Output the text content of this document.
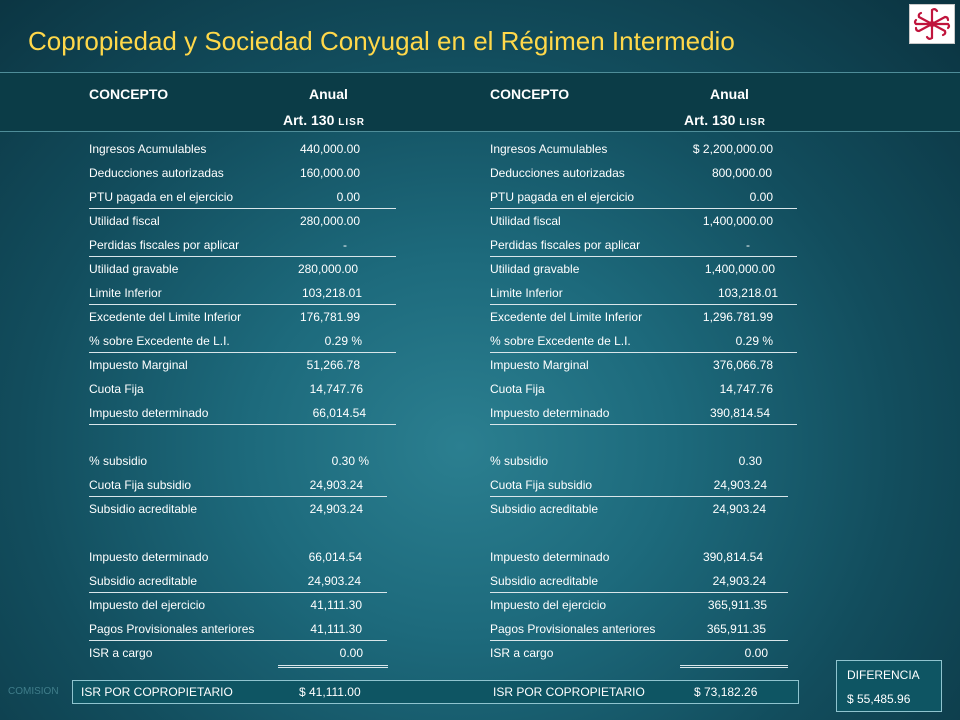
Copropiedad y Sociedad Conyugal en el Régimen Intermedio
CONCEPTO	Anual
Art. 130 LISR
CONCEPTO	Anual
Art. 130 LISR
Ingresos Acumulables	440,000.00
Deducciones autorizadas	160,000.00
PTU pagada en el ejercicio	0.00
Utilidad fiscal	280,000.00
Perdidas fiscales por aplicar	-
Utilidad gravable	280,000.00
Limite Inferior	103,218.01
Excedente del Limite Inferior	176,781.99
% sobre Excedente de L.I.	0.29 %
Impuesto Marginal	51,266.78
Cuota Fija	14,747.76
Impuesto determinado	66,014.54
% subsidio	0.30 %
Cuota Fija subsidio	24,903.24
Subsidio acreditable	24,903.24
Impuesto determinado	66,014.54
Subsidio acreditable	24,903.24
Impuesto del ejercicio	41,111.30
Pagos Provisionales anteriores	41,111.30
ISR a cargo	0.00
Ingresos Acumulables	$ 2,200,000.00
Deducciones autorizadas	800,000.00
PTU pagada en el ejercicio	0.00
Utilidad fiscal	1,400,000.00
Perdidas fiscales por aplicar	-
Utilidad gravable	1,400,000.00
Limite Inferior	103,218.01
Excedente del Limite Inferior	1,296.781.99
% sobre Excedente de L.I.	0.29 %
Impuesto Marginal	376,066.78
Cuota Fija	14,747.76
Impuesto determinado	390,814.54
% subsidio	0.30
Cuota Fija subsidio	24,903.24
Subsidio acreditable	24,903.24
Impuesto determinado	390,814.54
Subsidio acreditable	24,903.24
Impuesto del ejercicio	365,911.35
Pagos Provisionales anteriores	365,911.35
ISR a cargo	0.00
COMISION ISR POR COPROPIETARIO	$ 41,111.00	ISR POR COPROPIETARIO	$ 73,182.26
DIFERENCIA
$ 55,485.96
